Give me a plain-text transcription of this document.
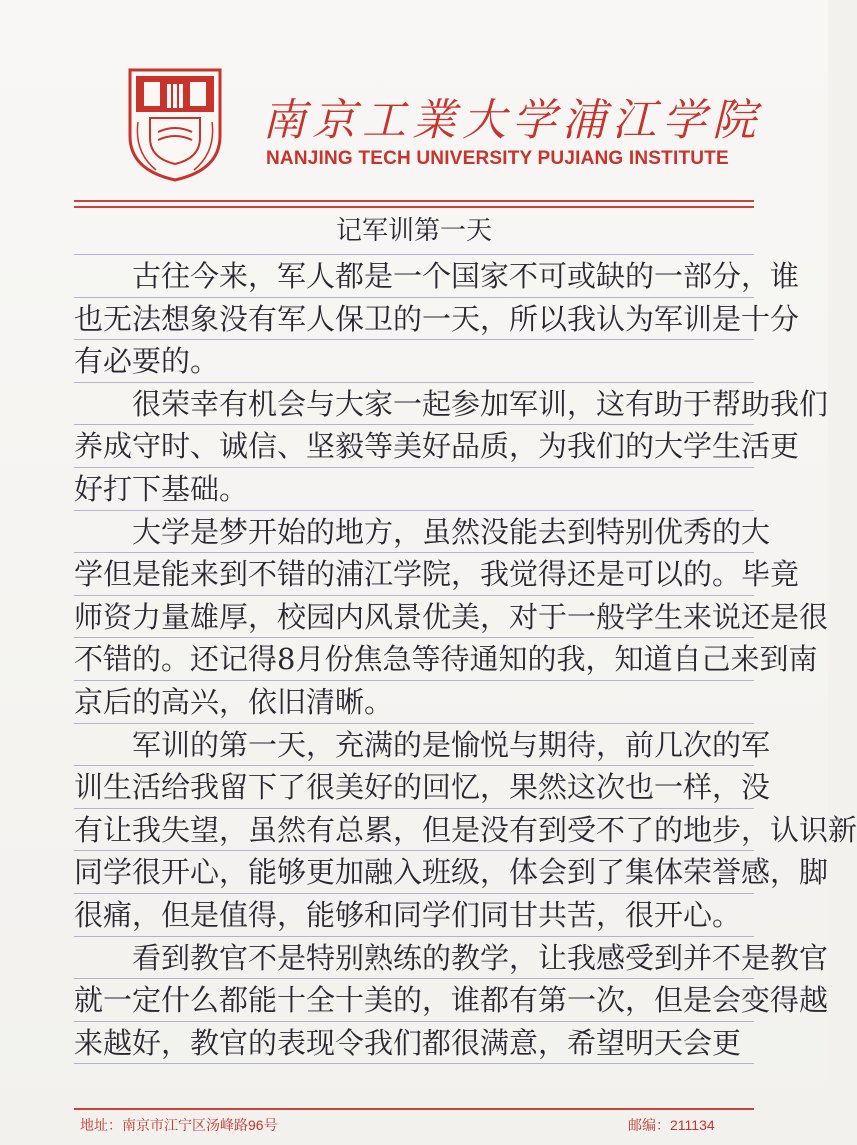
南京工業大学浦江学院
NANJING TECH UNIVERSITY PUJIANG INSTITUTE
记军训第一天
　　古往今来，军人都是一个国家不可或缺的一部分，谁
也无法想象没有军人保卫的一天，所以我认为军训是十分
有必要的。
　　很荣幸有机会与大家一起参加军训，这有助于帮助我们
养成守时、诚信、坚毅等美好品质，为我们的大学生活更
好打下基础。
　　大学是梦开始的地方，虽然没能去到特别优秀的大
学但是能来到不错的浦江学院，我觉得还是可以的。毕竟
师资力量雄厚，校园内风景优美，对于一般学生来说还是很
不错的。还记得8月份焦急等待通知的我，知道自己来到南
京后的高兴，依旧清晰。
　　军训的第一天，充满的是愉悦与期待，前几次的军
训生活给我留下了很美好的回忆，果然这次也一样，没
有让我失望，虽然有总累，但是没有到受不了的地步，认识新
同学很开心，能够更加融入班级，体会到了集体荣誉感，脚
很痛，但是值得，能够和同学们同甘共苦，很开心。
　　看到教官不是特别熟练的教学，让我感受到并不是教官
就一定什么都能十全十美的，谁都有第一次，但是会变得越
来越好，教官的表现令我们都很满意，希望明天会更
地址：南京市江宁区汤峰路96号	邮编：211134
